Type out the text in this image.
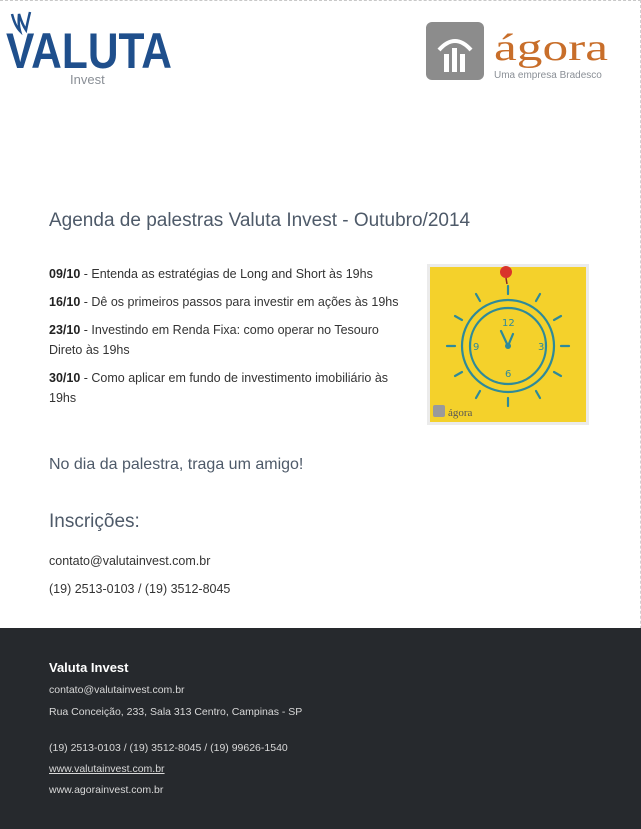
VALUTA
Invest
ágora
Uma empresa Bradesco
Agenda de palestras Valuta Invest - Outubro/2014
09/10 - Entenda as estratégias de Long and Short às 19hs
16/10 - Dê os primeiros passos para investir em ações às 19hs
23/10 - Investindo em Renda Fixa: como operar no Tesouro Direto às 19hs
30/10 - Como aplicar em fundo de investimento imobiliário às 19hs
12
3
6
9
ágora
No dia da palestra, traga um amigo!
Inscrições:
contato@valutainvest.com.br
(19) 2513-0103 / (19) 3512-8045
Valuta Invest
contato@valutainvest.com.br
Rua Conceição, 233, Sala 313 Centro, Campinas - SP
(19) 2513-0103 / (19) 3512-8045 / (19) 99626-1540
www.valutainvest.com.br
www.agorainvest.com.br
